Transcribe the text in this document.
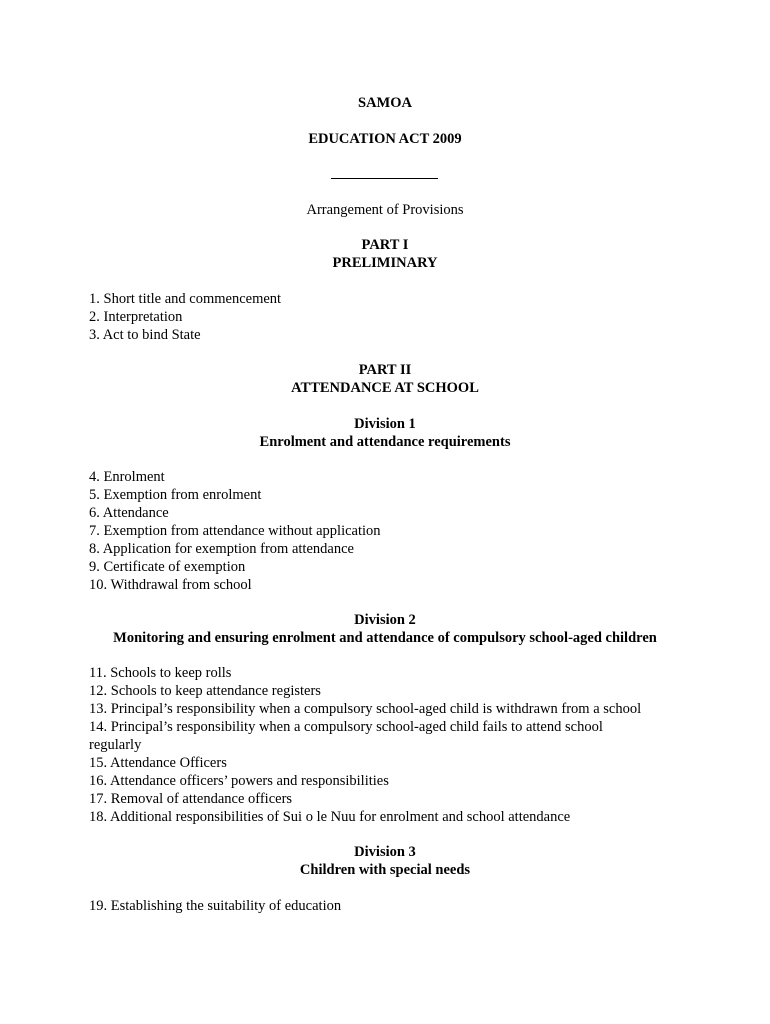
SAMOA
EDUCATION ACT 2009
Arrangement of Provisions
PART I
PRELIMINARY
1. Short title and commencement
2. Interpretation
3. Act to bind State
PART II
ATTENDANCE AT SCHOOL
Division 1
Enrolment and attendance requirements
4. Enrolment
5. Exemption from enrolment
6. Attendance
7. Exemption from attendance without application
8. Application for exemption from attendance
9. Certificate of exemption
10. Withdrawal from school
Division 2
Monitoring and ensuring enrolment and attendance of compulsory school-aged children
11. Schools to keep rolls
12. Schools to keep attendance registers
13. Principal’s responsibility when a compulsory school-aged child is withdrawn from a school
14. Principal’s responsibility when a compulsory school-aged child fails to attend school
regularly
15. Attendance Officers
16. Attendance officers’ powers and responsibilities
17. Removal of attendance officers
18. Additional responsibilities of Sui o le Nuu for enrolment and school attendance
Division 3
Children with special needs
19. Establishing the suitability of education
